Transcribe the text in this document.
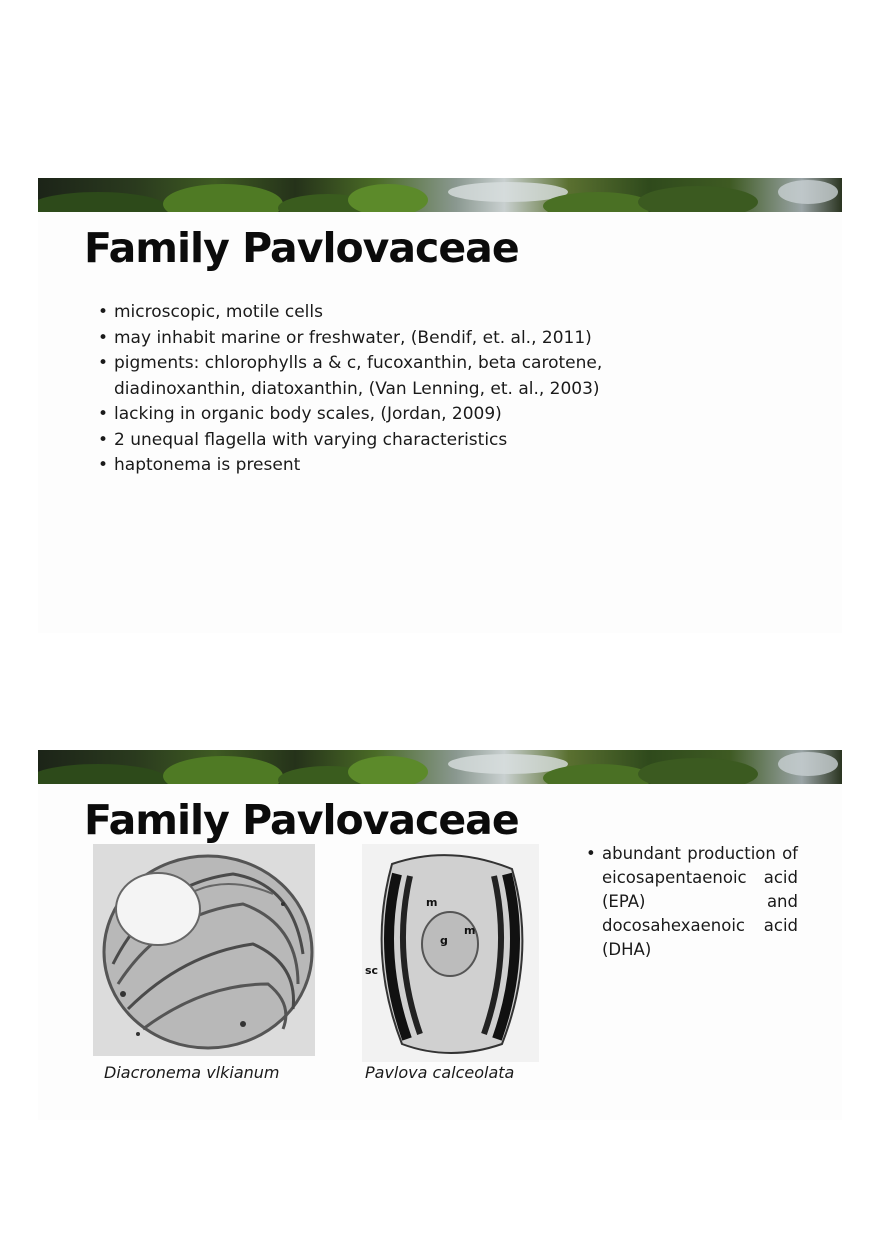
Family Pavlovaceae
• microscopic, motile cells
• may inhabit marine or freshwater, (Bendif, et. al., 2011)
• pigments: chlorophylls a & c, fucoxanthin, beta carotene, diadinoxanthin, diatoxanthin, (Van Lenning, et. al., 2003)
• lacking in organic body scales, (Jordan, 2009)
• 2 unequal flagella with varying characteristics
• haptonema is present
Family Pavlovaceae
m
g
m
sc
Diacronema vlkianum	Pavlova calceolata
• abundant production of eicosapentaenoic acid (EPA) and docosahexaenoic acid (DHA)
